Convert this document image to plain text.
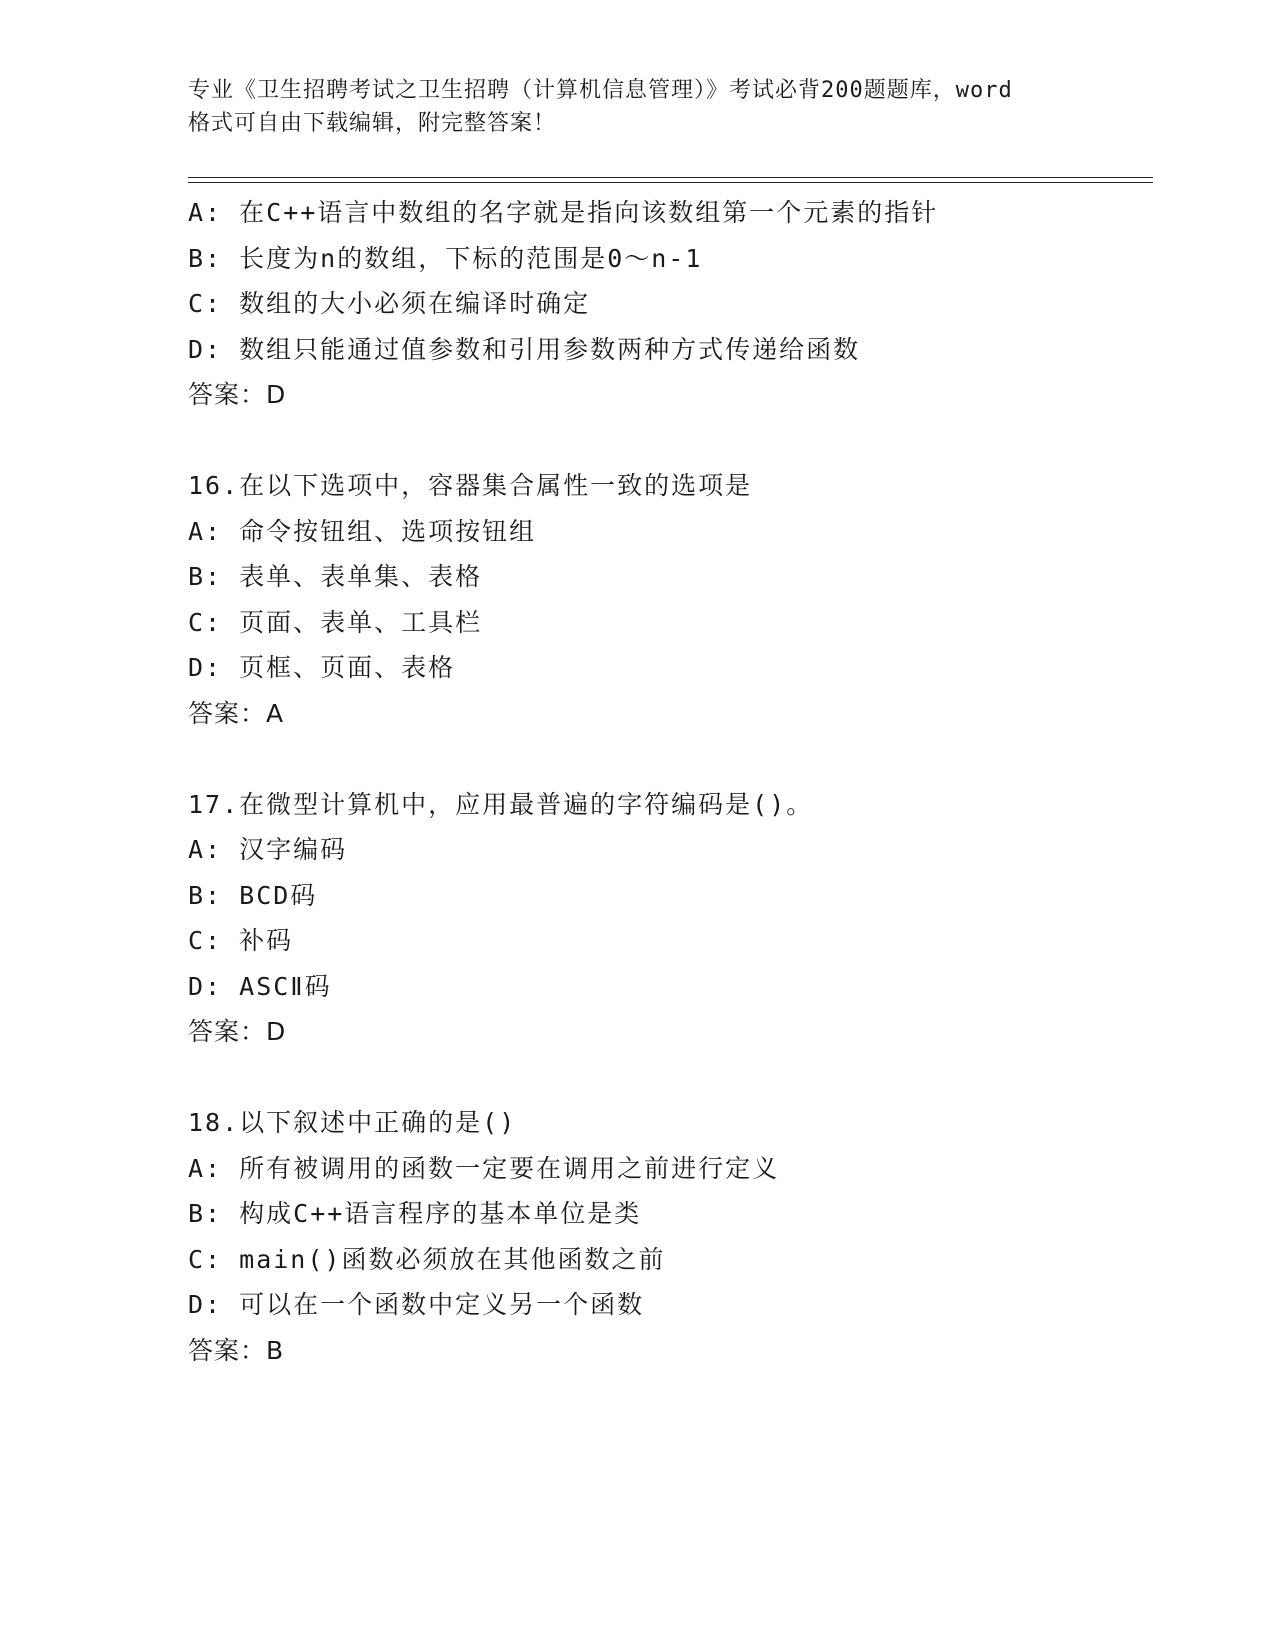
专业《卫生招聘考试之卫生招聘（计算机信息管理）》考试必背200题题库，word
格式可自由下载编辑，附完整答案！
A: 在C++语言中数组的名字就是指向该数组第一个元素的指针
B: 长度为n的数组，下标的范围是0～n-1
C: 数组的大小必须在编译时确定
D: 数组只能通过值参数和引用参数两种方式传递给函数
答案：D
16.在以下选项中，容器集合属性一致的选项是
A: 命令按钮组、选项按钮组
B: 表单、表单集、表格
C: 页面、表单、工具栏
D: 页框、页面、表格
答案：A
17.在微型计算机中，应用最普遍的字符编码是()。
A: 汉字编码
B: BCD码
C: 补码
D: ASCⅡ码
答案：D
18.以下叙述中正确的是()
A: 所有被调用的函数一定要在调用之前进行定义
B: 构成C++语言程序的基本单位是类
C: main()函数必须放在其他函数之前
D: 可以在一个函数中定义另一个函数
答案：B
